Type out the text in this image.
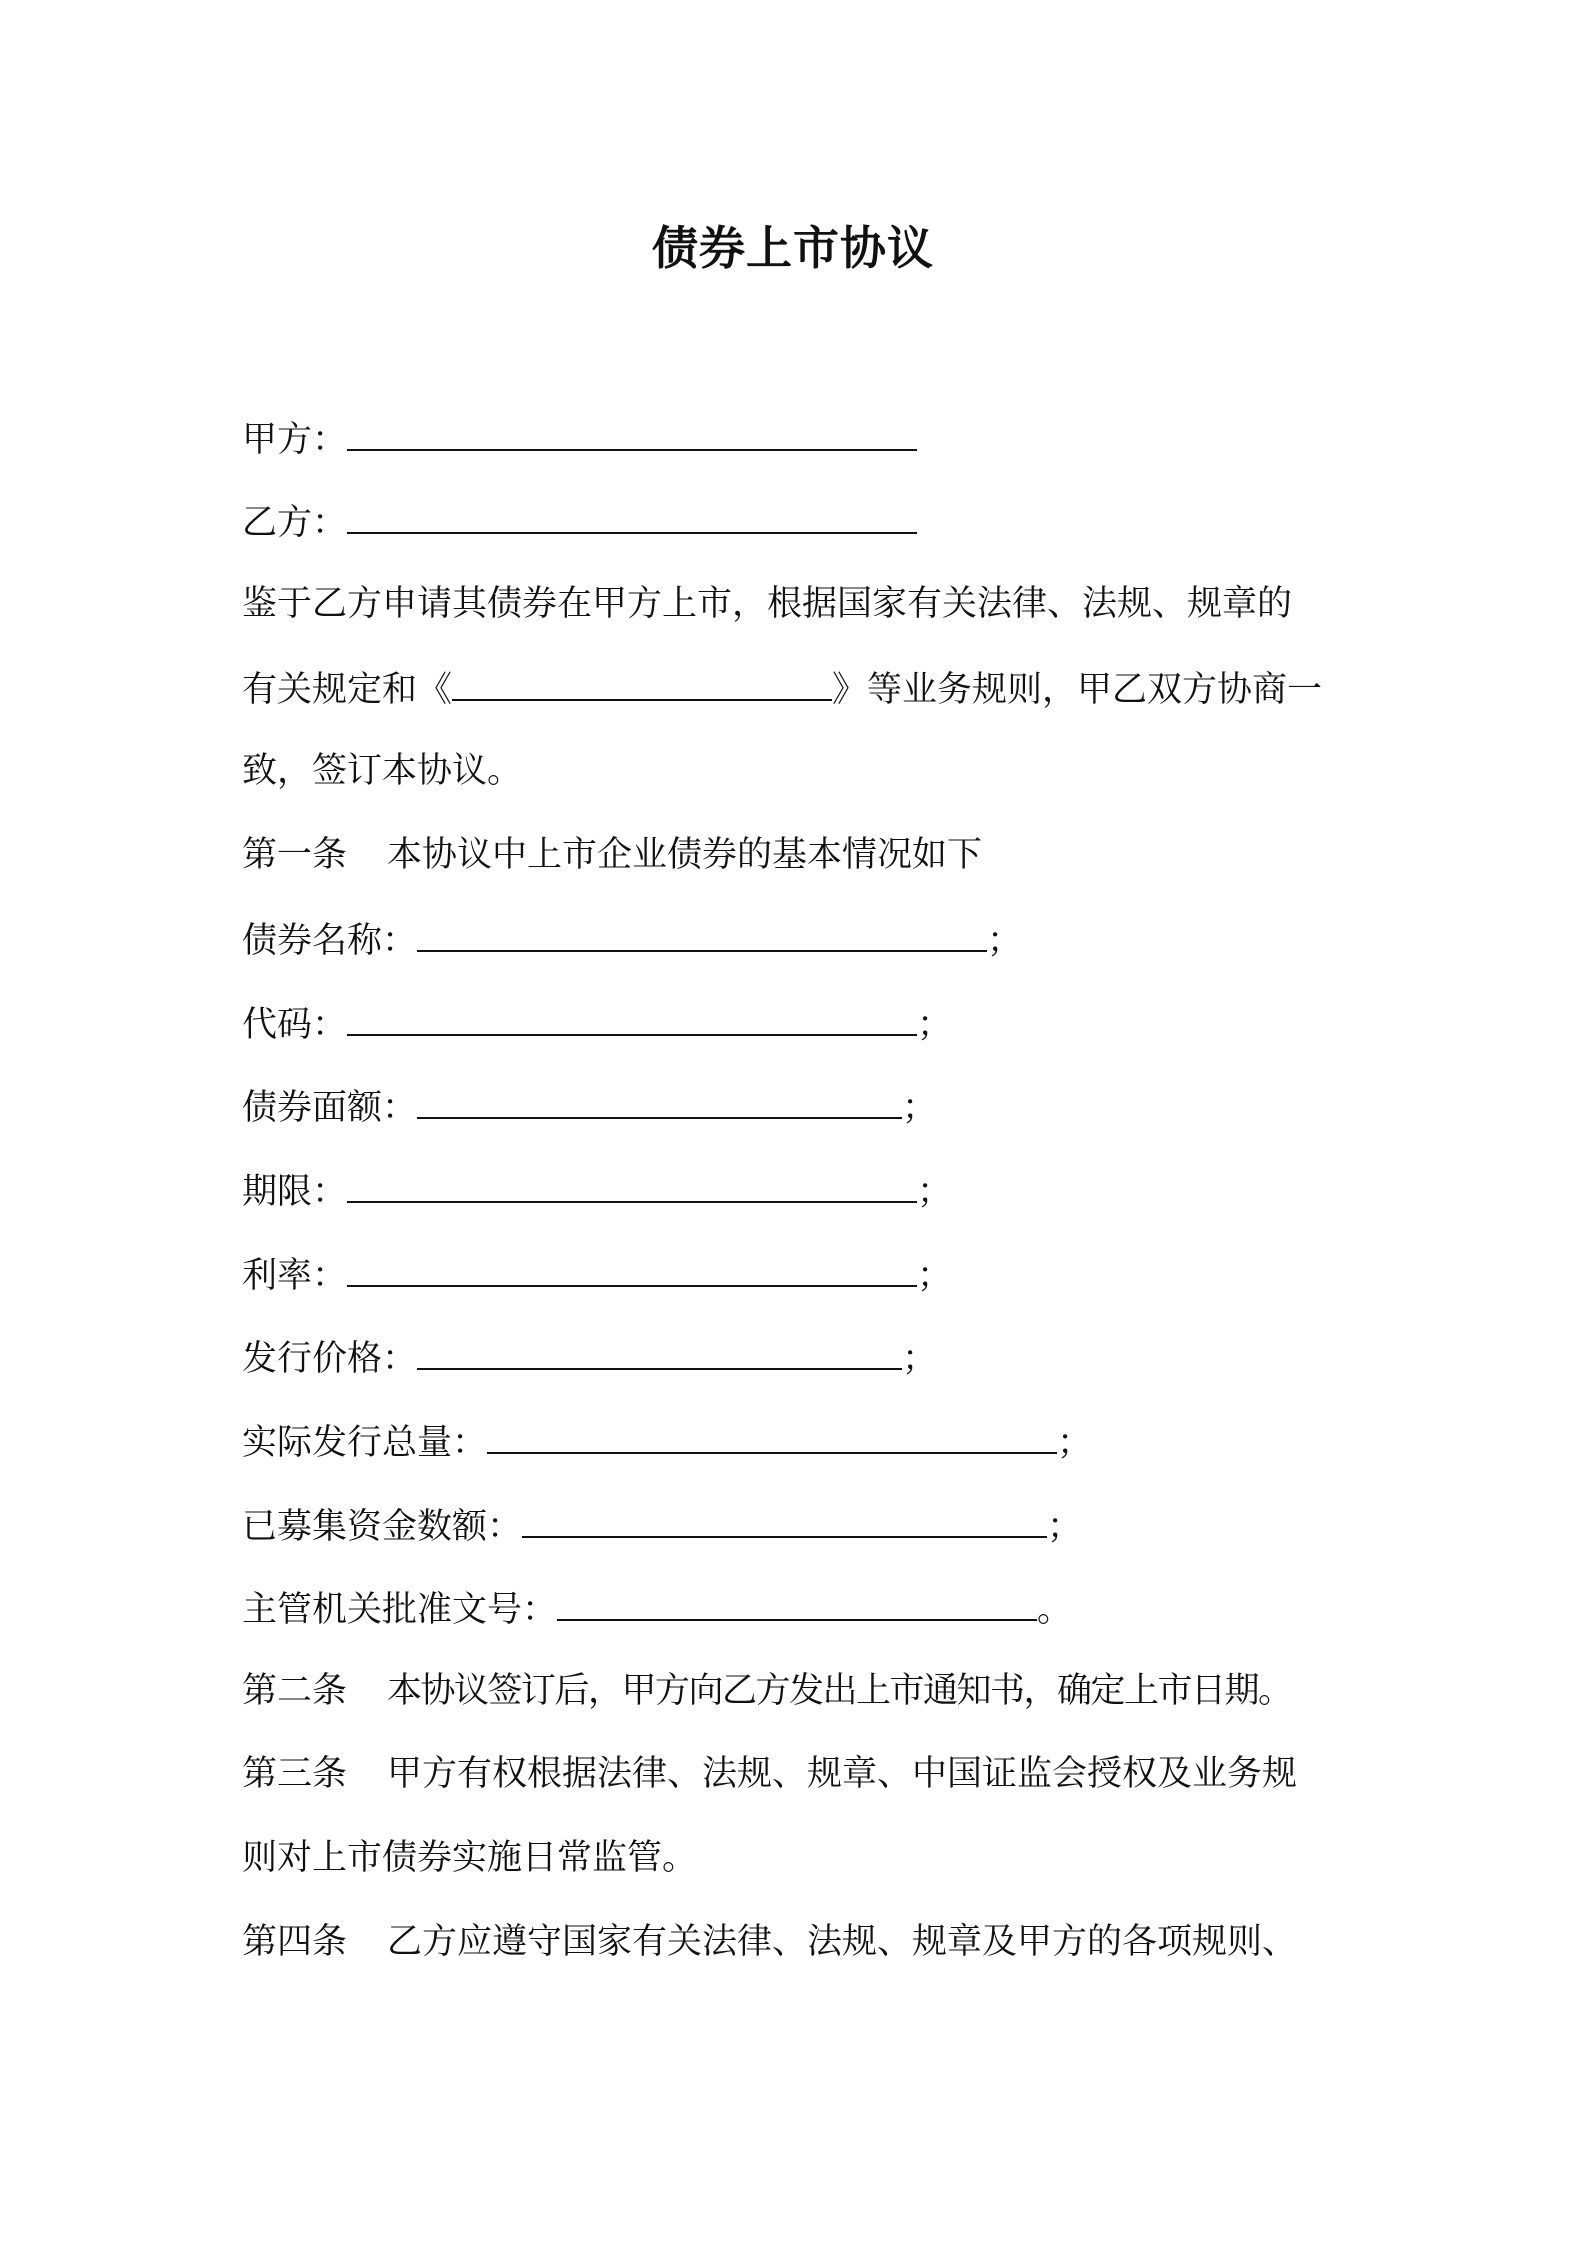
债券上市协议
甲方：
乙方：
鉴于乙方申请其债券在甲方上市，根据国家有关法律、法规、规章的
有关规定和《	》等业务规则，甲乙双方协商一
致，签订本协议。
第一条 本协议中上市企业债券的基本情况如下
债券名称：	；
代码：	；
债券面额：	；
期限：	；
利率：	；
发行价格：	；
实际发行总量：	；
已募集资金数额：	；
主管机关批准文号：	。
第二条 本协议签订后，甲方向乙方发出上市通知书，确定上市日期。
第三条 甲方有权根据法律、法规、规章、中国证监会授权及业务规
则对上市债券实施日常监管。
第四条 乙方应遵守国家有关法律、法规、规章及甲方的各项规则、
